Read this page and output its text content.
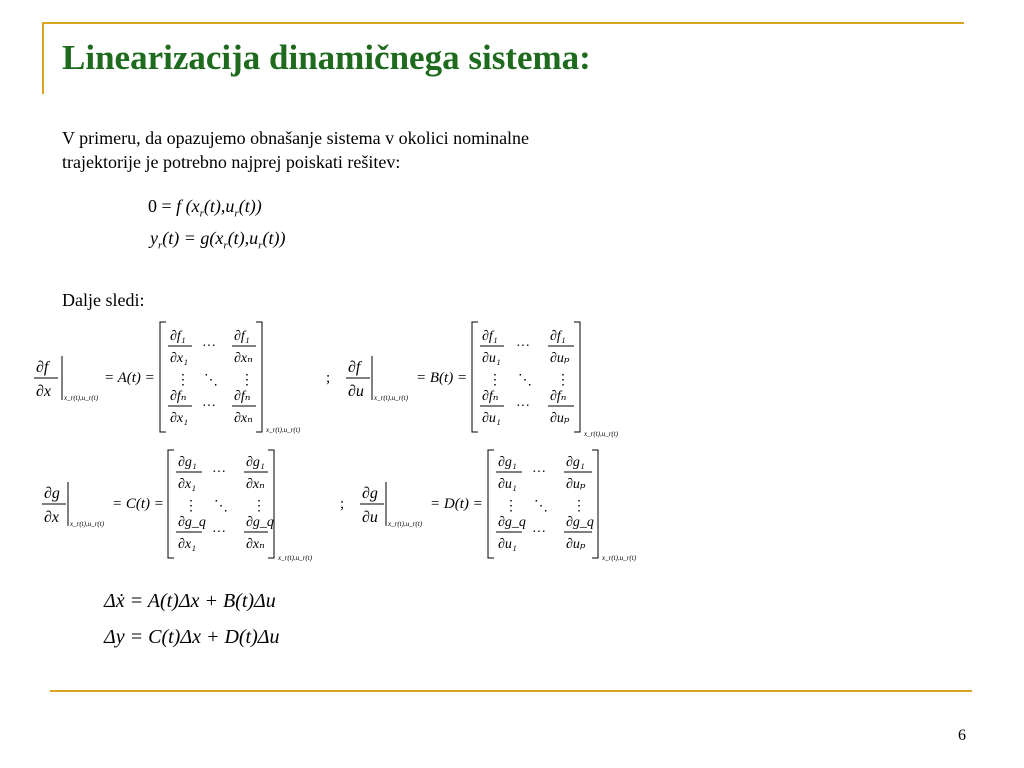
Linearizacija dinamičnega sistema:
V primeru, da opazujemo obnašanje sistema v okolici nominalne trajektorije je potrebno najprej poiskati rešitev:
0 = f $(x_r(t),u_r(t))$
$y_r(t) = g(x_r(t),u_r(t))$
Dalje sledi:
∂f
∂x x_r(t),u_r(t)
= A(t) =
∂f₁
∂x₁
···
∂f₁
∂xₙ
⋮ ⋱ ⋮
∂fₙ
∂x₁
···
∂fₙ
∂xₙ
x_r(t),u_r(t)
;
∂f
∂u x_r(t),u_r(t)
= B(t) =
∂f₁
∂u₁
···
∂f₁
∂uₚ
⋮ ⋱ ⋮
∂fₙ
∂u₁
···
∂fₙ
∂uₚ
x_r(t),u_r(t)
∂g
∂x x_r(t),u_r(t)
= C(t) =
∂g₁
∂x₁
···
∂g₁
∂xₙ
⋮ ⋱ ⋮
∂g_q
∂x₁
···
∂g_q
∂xₙ
x_r(t),u_r(t)
;
∂g
∂u x_r(t),u_r(t)
= D(t) =
∂g₁
∂u₁
···
∂g₁
∂uₚ
⋮ ⋱ ⋮
∂g_q
∂u₁
···
∂g_q
∂uₚ
x_r(t),u_r(t)
Δẋ = A(t)Δx + B(t)Δu
Δy = C(t)Δx + D(t)Δu
6
